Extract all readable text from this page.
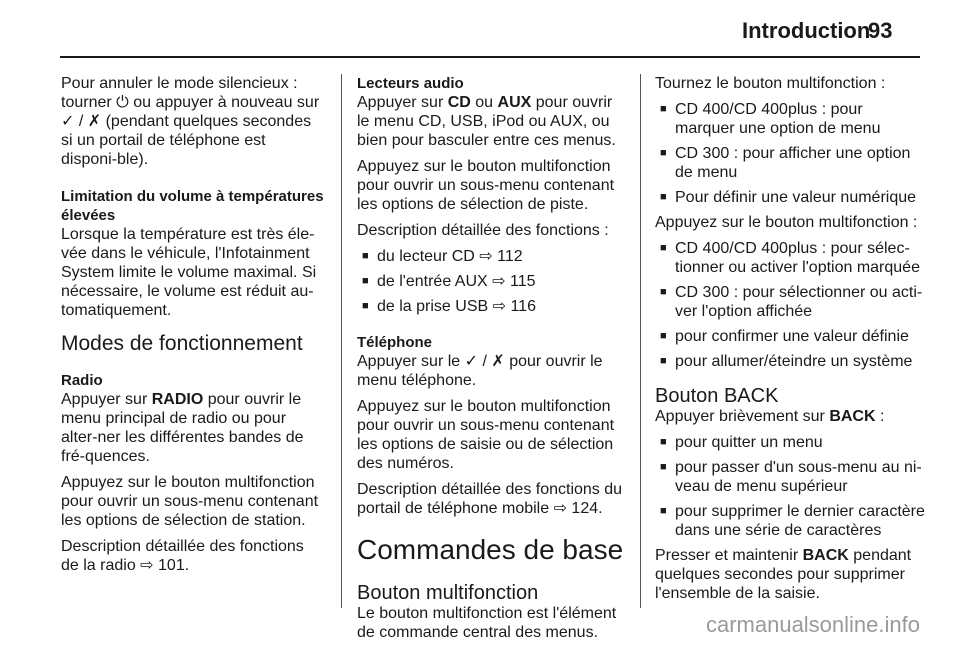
Introduction
93

Pour annuler le mode silencieux : tourner ⏻ ou appuyer à nouveau sur ✓ / ✗ (pendant quelques secondes si un portail de téléphone est disponi-ble).

Limitation du volume à températures élevées

Lorsque la température est très éle-vée dans le véhicule, l'Infotainment System limite le volume maximal. Si nécessaire, le volume est réduit au-tomatiquement.

Modes de fonctionnement
Radio

Appuyer sur RADIO pour ouvrir le menu principal de radio ou pour alter-ner les différentes bandes de fré-quences.

Appuyez sur le bouton multifonction pour ouvrir un sous-menu contenant les options de sélection de station.

Description détaillée des fonctions de la radio ⇨ 101.

Lecteurs audio

Appuyer sur CD ou AUX pour ouvrir le menu CD, USB, iPod ou AUX, ou bien pour basculer entre ces menus.

Appuyez sur le bouton multifonction pour ouvrir un sous-menu contenant les options de sélection de piste.

Description détaillée des fonctions :

■ du lecteur CD ⇨ 112
■ de l'entrée AUX ⇨ 115
■ de la prise USB ⇨ 116
Téléphone

Appuyer sur le ✓ / ✗ pour ouvrir le menu téléphone.

Appuyez sur le bouton multifonction pour ouvrir un sous-menu contenant les options de saisie ou de sélection des numéros.

Description détaillée des fonctions du portail de téléphone mobile ⇨ 124.

Commandes de base
Bouton multifonction

Le bouton multifonction est l'élément de commande central des menus.

Tournez le bouton multifonction :

■ CD 400/CD 400plus : pour marquer une option de menu
■ CD 300 : pour afficher une option de menu
■ Pour définir une valeur numérique

Appuyez sur le bouton multifonction :

■ CD 400/CD 400plus : pour sélec-tionner ou activer l'option marquée
■ CD 300 : pour sélectionner ou acti-ver l'option affichée
■ pour confirmer une valeur définie
■ pour allumer/éteindre un système
Bouton BACK

Appuyer brièvement sur BACK :

■ pour quitter un menu
■ pour passer d'un sous-menu au ni-veau de menu supérieur
■ pour supprimer le dernier caractère dans une série de caractères

Presser et maintenir BACK pendant quelques secondes pour supprimer l'ensemble de la saisie.

carmanualsonline.info
